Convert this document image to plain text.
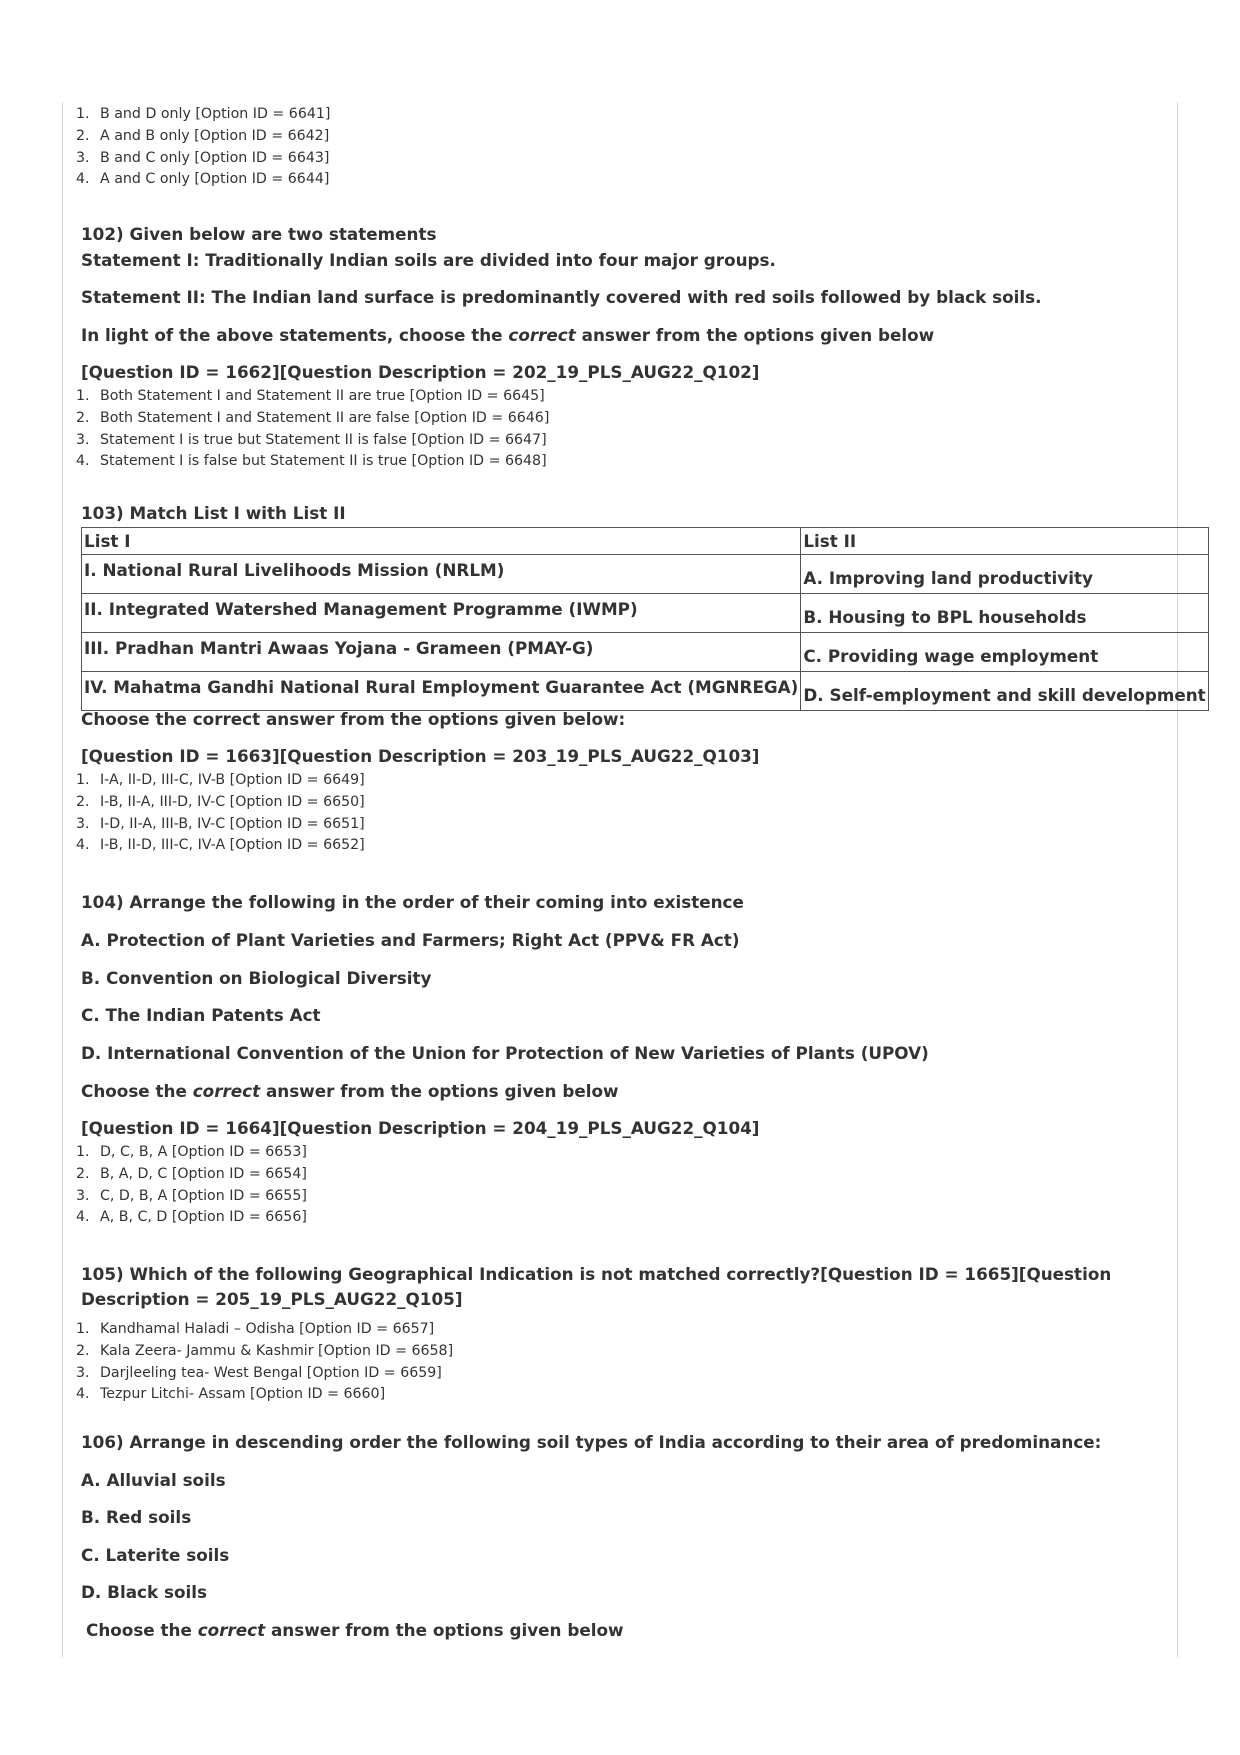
1. B and D only [Option ID = 6641]
2. A and B only [Option ID = 6642]
3. B and C only [Option ID = 6643]
4. A and C only [Option ID = 6644]
102) Given below are two statements
Statement I: Traditionally Indian soils are divided into four major groups.
Statement II: The Indian land surface is predominantly covered with red soils followed by black soils.
In light of the above statements, choose the correct answer from the options given below
[Question ID = 1662][Question Description = 202_19_PLS_AUG22_Q102]
1. Both Statement I and Statement II are true [Option ID = 6645]
2. Both Statement I and Statement II are false [Option ID = 6646]
3. Statement I is true but Statement II is false [Option ID = 6647]
4. Statement I is false but Statement II is true [Option ID = 6648]
103) Match List I with List II
List I	List II
I. National Rural Livelihoods Mission (NRLM)	A. Improving land productivity
II. Integrated Watershed Management Programme (IWMP)	B. Housing to BPL households
III. Pradhan Mantri Awaas Yojana - Grameen (PMAY-G)	C. Providing wage employment
IV. Mahatma Gandhi National Rural Employment Guarantee Act (MGNREGA)	D. Self-employment and skill development
Choose the correct answer from the options given below:
[Question ID = 1663][Question Description = 203_19_PLS_AUG22_Q103]
1. I-A, II-D, III-C, IV-B [Option ID = 6649]
2. I-B, II-A, III-D, IV-C [Option ID = 6650]
3. I-D, II-A, III-B, IV-C [Option ID = 6651]
4. I-B, II-D, III-C, IV-A [Option ID = 6652]
104) Arrange the following in the order of their coming into existence
A. Protection of Plant Varieties and Farmers; Right Act (PPV& FR Act)
B. Convention on Biological Diversity
C. The Indian Patents Act
D. International Convention of the Union for Protection of New Varieties of Plants (UPOV)
Choose the correct answer from the options given below
[Question ID = 1664][Question Description = 204_19_PLS_AUG22_Q104]
1. D, C, B, A [Option ID = 6653]
2. B, A, D, C [Option ID = 6654]
3. C, D, B, A [Option ID = 6655]
4. A, B, C, D [Option ID = 6656]
105) Which of the following Geographical Indication is not matched correctly?[Question ID = 1665][Question Description = 205_19_PLS_AUG22_Q105]
1. Kandhamal Haladi – Odisha [Option ID = 6657]
2. Kala Zeera- Jammu & Kashmir [Option ID = 6658]
3. Darjleeling tea- West Bengal [Option ID = 6659]
4. Tezpur Litchi- Assam [Option ID = 6660]
106) Arrange in descending order the following soil types of India according to their area of predominance:
A. Alluvial soils
B. Red soils
C. Laterite soils
D. Black soils
Choose the correct answer from the options given below
